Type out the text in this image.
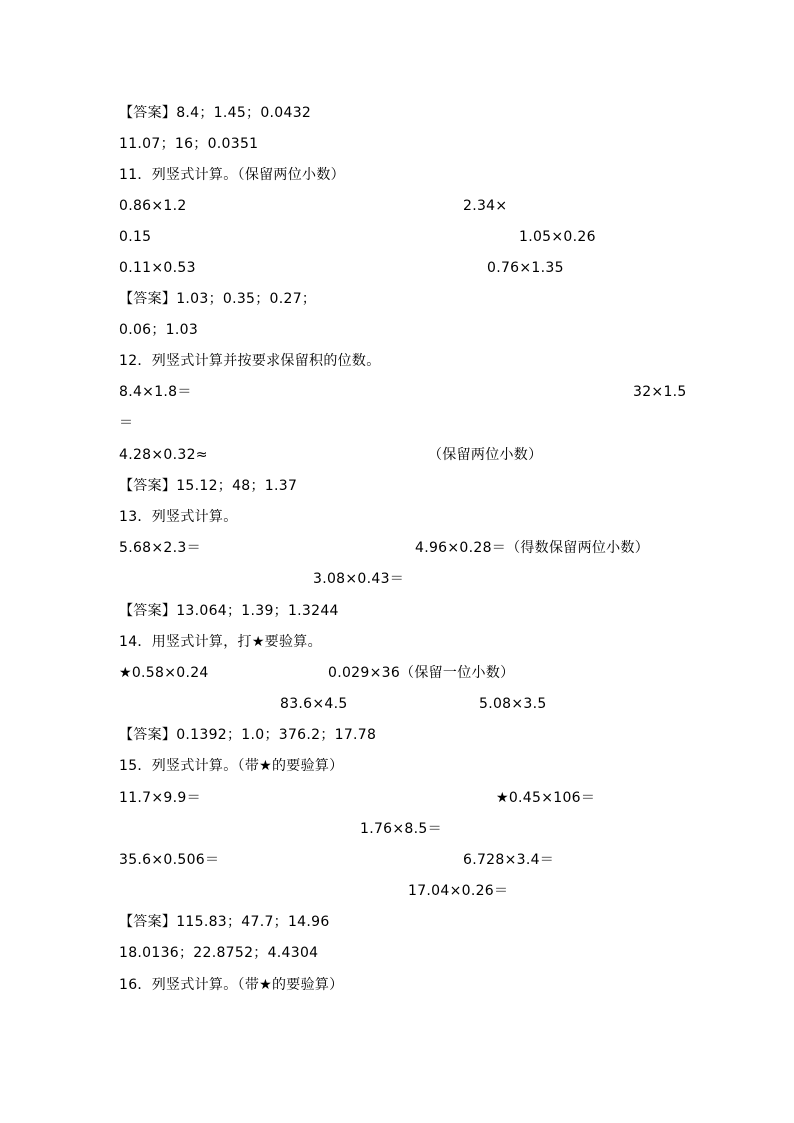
【答案】8.4；1.45；0.0432
11.07；16；0.0351
11．列竖式计算。（保留两位小数）
0.86×1.2	2.34×
0.15	1.05×0.26
0.11×0.53	0.76×1.35
【答案】1.03；0.35；0.27；
0.06；1.03
12．列竖式计算并按要求保留积的位数。
8.4×1.8＝	32×1.5
＝
4.28×0.32≈	（保留两位小数）
【答案】15.12；48；1.37
13．列竖式计算。
5.68×2.3＝	4.96×0.28＝（得数保留两位小数）
3.08×0.43＝
【答案】13.064；1.39；1.3244
14．用竖式计算，打★要验算。
★0.58×0.24	0.029×36（保留一位小数）
83.6×4.5	5.08×3.5
【答案】0.1392；1.0；376.2；17.78
15．列竖式计算。（带★的要验算）
11.7×9.9＝	★0.45×106＝
1.76×8.5＝
35.6×0.506＝	6.728×3.4＝
17.04×0.26＝
【答案】115.83；47.7；14.96
18.0136；22.8752；4.4304
16．列竖式计算。（带★的要验算）
